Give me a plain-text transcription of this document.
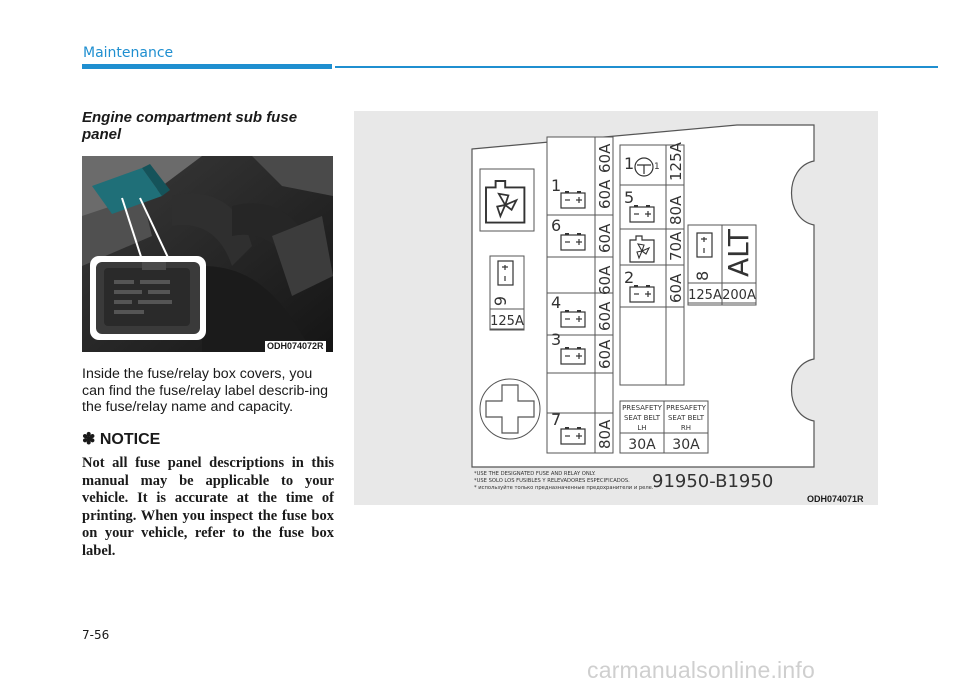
Maintenance
Engine compartment sub fuse panel
ODH074072R
Inside the fuse/relay box covers, you can find the fuse/relay label describ-ing the fuse/relay name and capacity.
✽ NOTICE
Not all fuse panel descriptions in this manual may be applicable to your vehicle. It is accurate at the time of printing. When you inspect the fuse box on your vehicle, refer to the fuse box label.
9
125A
1 60A
60A
6 60A
4 60A
60A
3
60A
7
80A
1 1
5
2
125A
80A
70A
60A 8
125A
ALT
200A
PRESAFETY
SEAT BELT
LH
30A
PRESAFETY
SEAT BELT
RH
30A
*USE THE DESIGNATED FUSE AND RELAY ONLY.
*USE SOLO LOS FUSIBLES Y RELEVADORES ESPECIFICADOS.
* используйте только предназначенные предохранители и реле.
91950-B1950
ODH074071R
7-56
carmanualsonline.info
